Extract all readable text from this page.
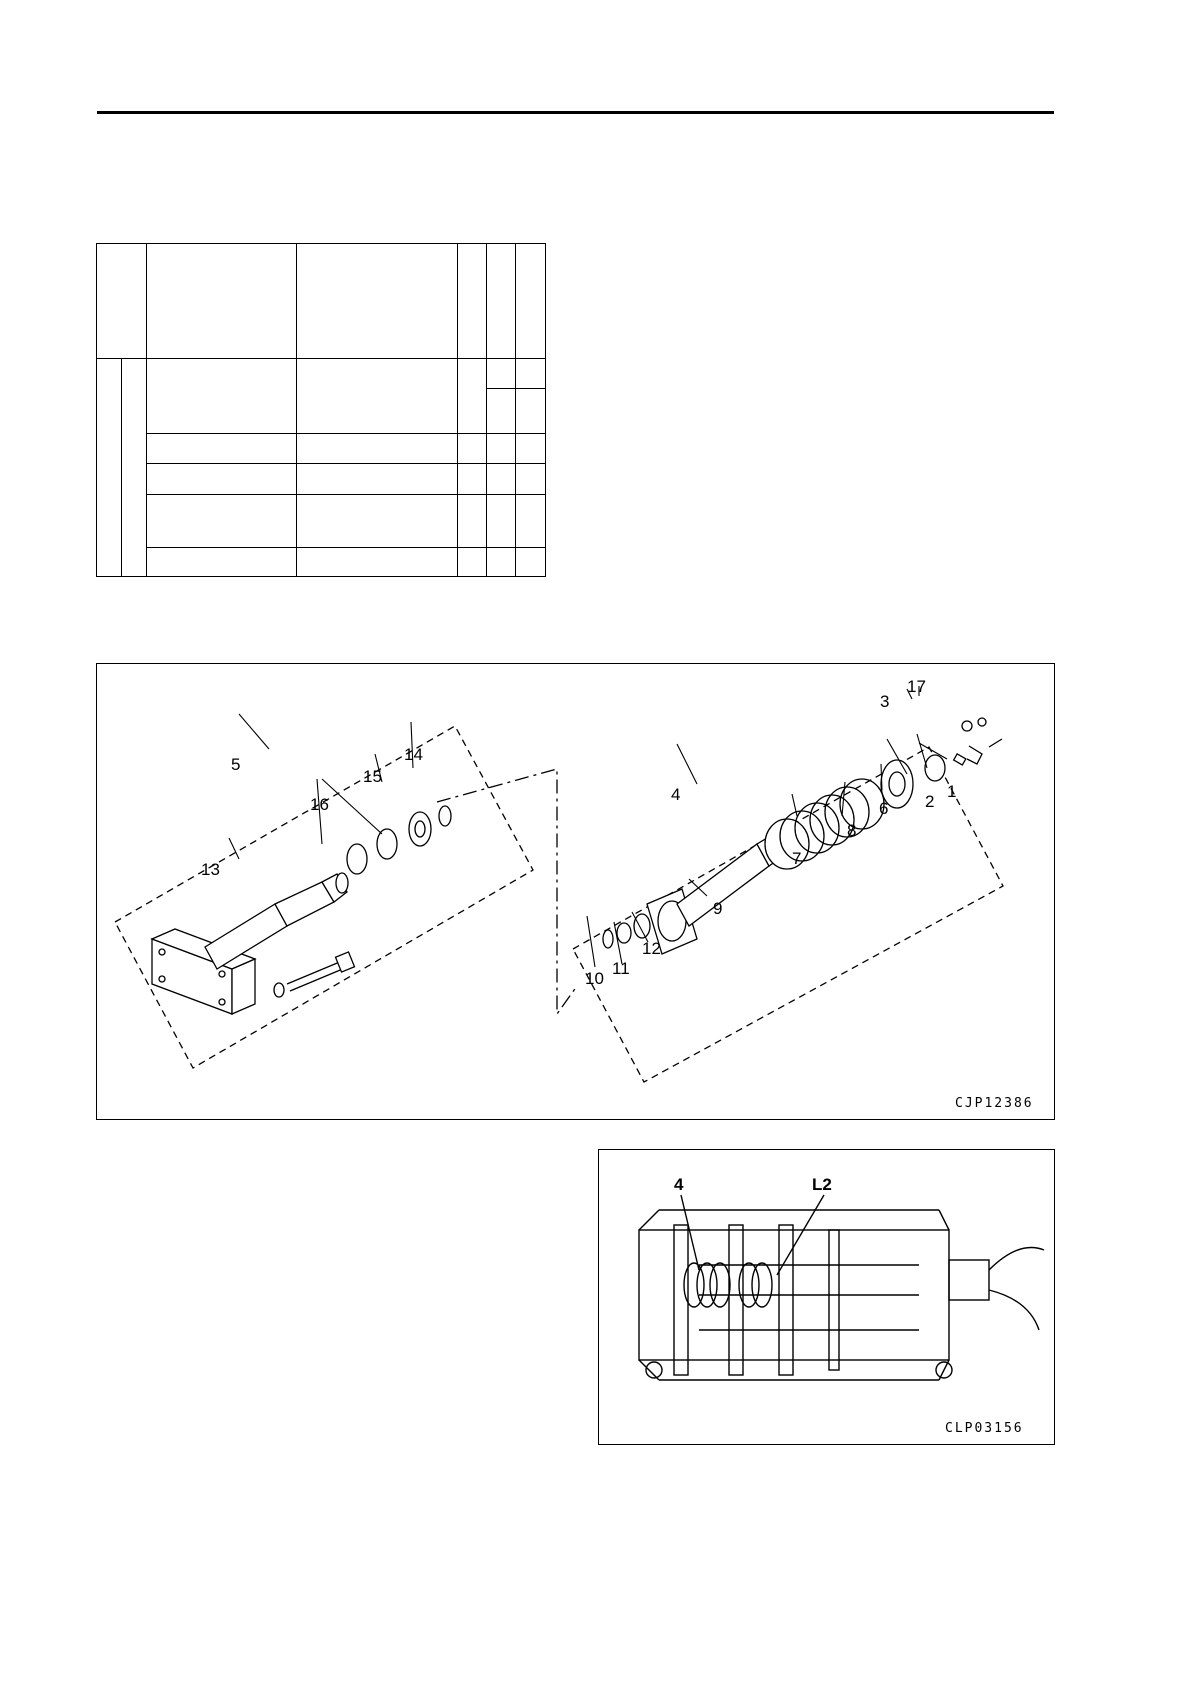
5
13
16
15
14
4
9
7
8
6
10
11
12
2
1
3
17
CJP12386
4	L2
CLP03156
